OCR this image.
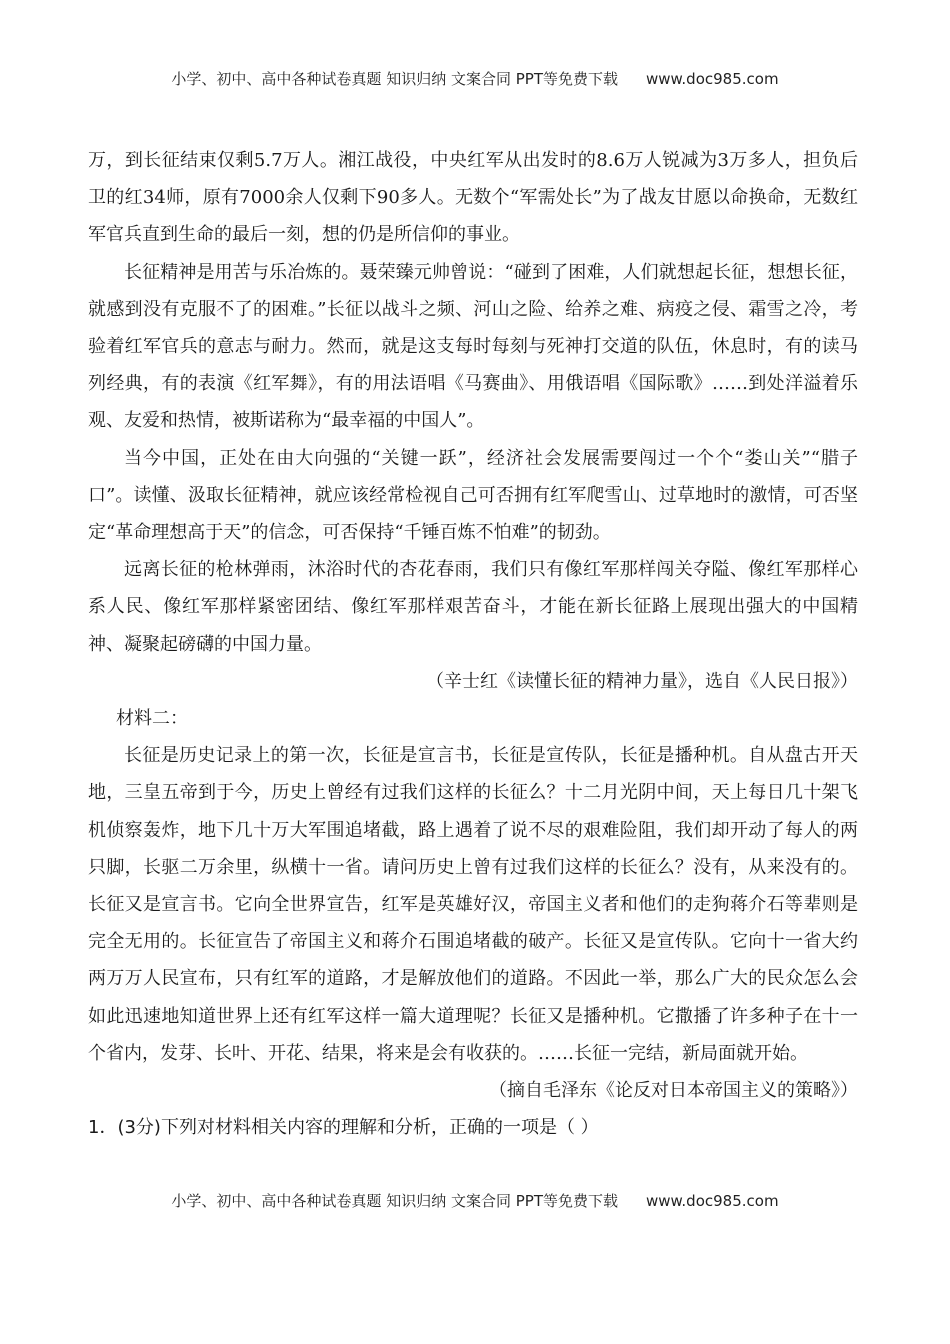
小学、初中、高中各种试卷真题 知识归纳 文案合同 PPT等免费下载 www.doc985.com

万，到长征结束仅剩5.7万人。湘江战役，中央红军从出发时的8.6万人锐减为3万多人，担负后卫的红34师，原有7000余人仅剩下90多人。无数个“军需处长”为了战友甘愿以命换命，无数红军官兵直到生命的最后一刻，想的仍是所信仰的事业。

长征精神是用苦与乐冶炼的。聂荣臻元帅曾说：“碰到了困难，人们就想起长征，想想长征，就感到没有克服不了的困难。”长征以战斗之频、河山之险、给养之难、病疫之侵、霜雪之冷，考验着红军官兵的意志与耐力。然而，就是这支每时每刻与死神打交道的队伍，休息时，有的读马列经典，有的表演《红军舞》，有的用法语唱《马赛曲》、用俄语唱《国际歌》……到处洋溢着乐观、友爱和热情，被斯诺称为“最幸福的中国人”。

当今中国，正处在由大向强的“关键一跃”，经济社会发展需要闯过一个个“娄山关”“腊子口”。读懂、汲取长征精神，就应该经常检视自己可否拥有红军爬雪山、过草地时的激情，可否坚定“革命理想高于天”的信念，可否保持“千锤百炼不怕难”的韧劲。

远离长征的枪林弹雨，沐浴时代的杏花春雨，我们只有像红军那样闯关夺隘、像红军那样心系人民、像红军那样紧密团结、像红军那样艰苦奋斗，才能在新长征路上展现出强大的中国精神、凝聚起磅礴的中国力量。

（辛士红《读懂长征的精神力量》，选自《人民日报》）

材料二：

长征是历史记录上的第一次，长征是宣言书，长征是宣传队，长征是播种机。自从盘古开天地，三皇五帝到于今，历史上曾经有过我们这样的长征么？十二月光阴中间，天上每日几十架飞机侦察轰炸，地下几十万大军围追堵截，路上遇着了说不尽的艰难险阻，我们却开动了每人的两只脚，长驱二万余里，纵横十一省。请问历史上曾有过我们这样的长征么？没有，从来没有的。长征又是宣言书。它向全世界宣告，红军是英雄好汉，帝国主义者和他们的走狗蒋介石等辈则是完全无用的。长征宣告了帝国主义和蒋介石围追堵截的破产。长征又是宣传队。它向十一省大约两万万人民宣布，只有红军的道路，才是解放他们的道路。不因此一举，那么广大的民众怎么会如此迅速地知道世界上还有红军这样一篇大道理呢？长征又是播种机。它撒播了许多种子在十一个省内，发芽、长叶、开花、结果，将来是会有收获的。……长征一完结，新局面就开始。

（摘自毛泽东《论反对日本帝国主义的策略》）

1．(3分)下列对材料相关内容的理解和分析，正确的一项是（ ）

小学、初中、高中各种试卷真题 知识归纳 文案合同 PPT等免费下载 www.doc985.com
